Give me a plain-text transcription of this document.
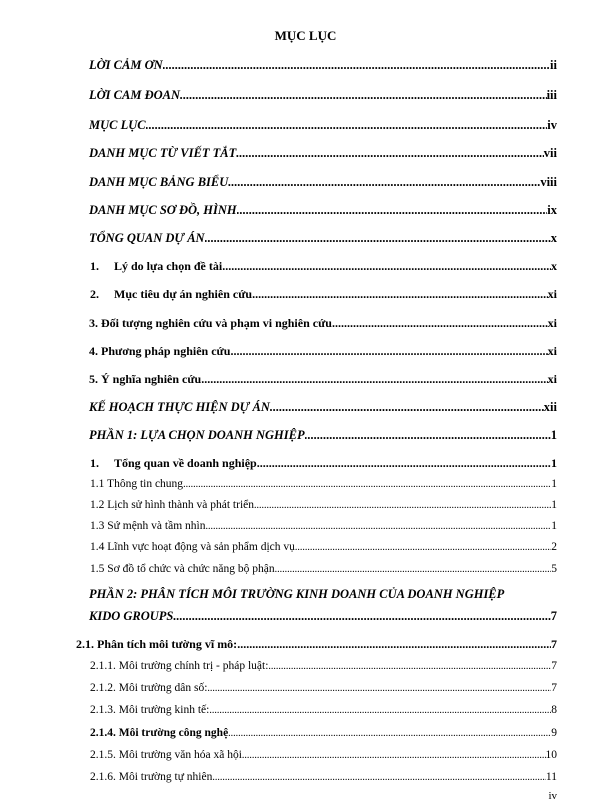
MỤC LỤC
LỜI CẢM ƠN .....	ii
LỜI CAM ĐOAN .....	iii
MỤC LỤC .....	iv
DANH MỤC TỪ VIẾT TẮT .....	vii
DANH MỤC BẢNG BIỂU .....	viii
DANH MỤC SƠ ĐỒ, HÌNH .....	ix
TỔNG QUAN DỰ ÁN .....	x
1.     Lý do lựa chọn đề tài .....	x
2.     Mục tiêu dự án nghiên cứu .....	xi
3. Đối tượng nghiên cứu và phạm vi nghiên cứu .....	xi
4. Phương pháp nghiên cứu .....	xi
5. Ý nghĩa nghiên cứu .....	xi
KẾ HOẠCH THỰC HIỆN DỰ ÁN .....	xii
PHẦN 1: LỰA CHỌN DOANH NGHIỆP .....	1
1.     Tổng quan về doanh nghiệp .....	1
1.1 Thông tin chung .....	1
1.2 Lịch sử hình thành và phát triển .....	1
1.3 Sứ mệnh và tầm nhìn .....	1
1.4 Lĩnh vực hoạt động và sản phẩm dịch vụ .....	2
1.5 Sơ đồ tổ chức và chức năng bộ phận .....	5
PHẦN 2: PHÂN TÍCH MÔI TRƯỜNG KINH DOANH CỦA DOANH NGHIỆP
KIDO GROUPS .....	7
2.1. Phân tích môi tường vĩ mô: .....	7
2.1.1. Môi trường chính trị - pháp luật: .....	7
2.1.2. Môi trường dân số: .....	7
2.1.3. Môi trường kinh tế: .....	8
2.1.4. Môi trường công nghệ .....	9
2.1.5. Môi trường văn hóa xã hội .....	10
2.1.6. Môi trường tự nhiên .....	11
iv
